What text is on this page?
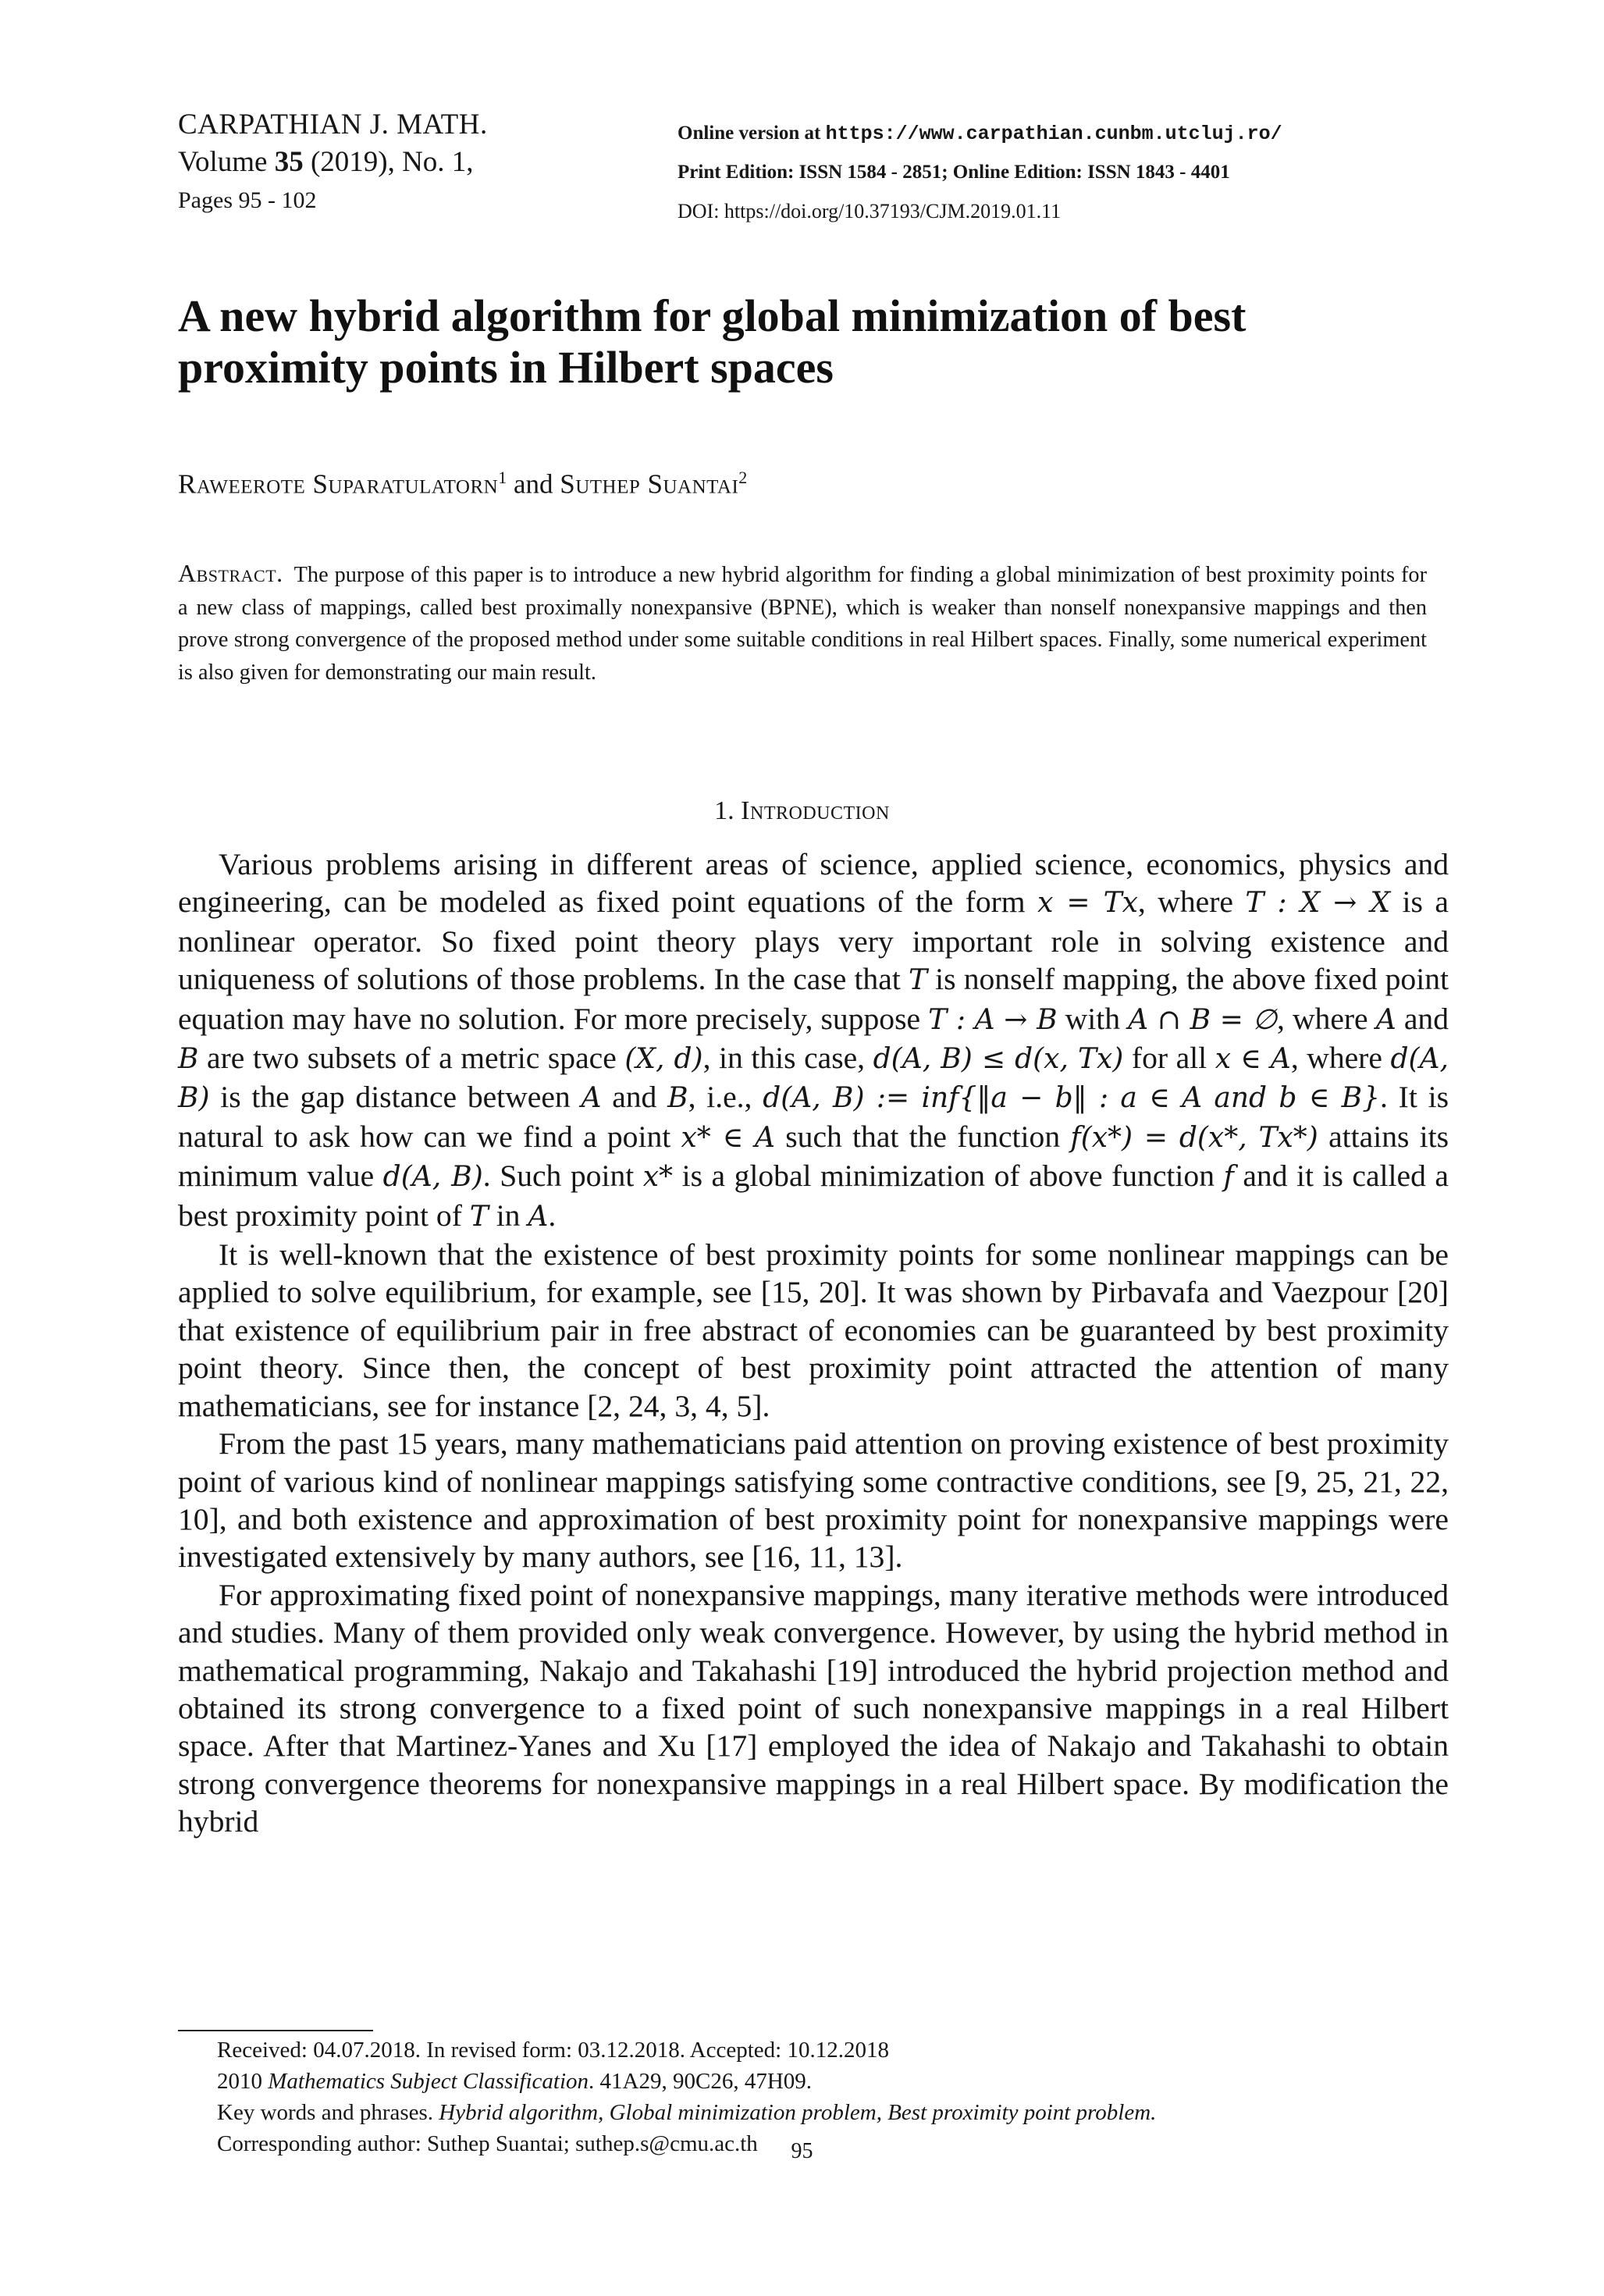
CARPATHIAN J. MATH.
Volume 35 (2019), No. 1,
Pages 95 - 102
Online version at https://www.carpathian.cunbm.utcluj.ro/
Print Edition: ISSN 1584 - 2851; Online Edition: ISSN 1843 - 4401
DOI: https://doi.org/10.37193/CJM.2019.01.11
A new hybrid algorithm for global minimization of best
proximity points in Hilbert spaces
Raweerote Suparatulatorn$^1$ and Suthep Suantai$^2$

Abstract. The purpose of this paper is to introduce a new hybrid algorithm for finding a global minimization of best proximity points for a new class of mappings, called best proximally nonexpansive (BPNE), which is weaker than nonself nonexpansive mappings and then prove strong convergence of the proposed method under some suitable conditions in real Hilbert spaces. Finally, some numerical experiment is also given for demonstrating our main result.

1. Introduction

Various problems arising in different areas of science, applied science, economics, physics and engineering, can be modeled as fixed point equations of the form x = Tx, where T : X → X is a nonlinear operator. So fixed point theory plays very important role in solving existence and uniqueness of solutions of those problems. In the case that T is nonself mapping, the above fixed point equation may have no solution. For more precisely, suppose T : A → B with A ∩ B = ∅, where A and B are two subsets of a metric space (X, d), in this case, d(A, B) ≤ d(x, Tx) for all x ∈ A, where d(A, B) is the gap distance between A and B, i.e., d(A, B) := inf{‖a − b‖ : a ∈ A and b ∈ B}. It is natural to ask how can we find a point x* ∈ A such that the function f(x*) = d(x*, Tx*) attains its minimum value d(A, B). Such point x* is a global minimization of above function f and it is called a best proximity point of T in A.

It is well-known that the existence of best proximity points for some nonlinear mappings can be applied to solve equilibrium, for example, see [15, 20]. It was shown by Pirbavafa and Vaezpour [20] that existence of equilibrium pair in free abstract of economies can be guaranteed by best proximity point theory. Since then, the concept of best proximity point attracted the attention of many mathematicians, see for instance [2, 24, 3, 4, 5].

From the past 15 years, many mathematicians paid attention on proving existence of best proximity point of various kind of nonlinear mappings satisfying some contractive conditions, see [9, 25, 21, 22, 10], and both existence and approximation of best proximity point for nonexpansive mappings were investigated extensively by many authors, see [16, 11, 13].

For approximating fixed point of nonexpansive mappings, many iterative methods were introduced and studies. Many of them provided only weak convergence. However, by using the hybrid method in mathematical programming, Nakajo and Takahashi [19] introduced the hybrid projection method and obtained its strong convergence to a fixed point of such nonexpansive mappings in a real Hilbert space. After that Martinez-Yanes and Xu [17] employed the idea of Nakajo and Takahashi to obtain strong convergence theorems for nonexpansive mappings in a real Hilbert space. By modification the hybrid

Received: 04.07.2018. In revised form: 03.12.2018. Accepted: 10.12.2018
2010 Mathematics Subject Classification. 41A29, 90C26, 47H09.
Key words and phrases. Hybrid algorithm, Global minimization problem, Best proximity point problem.
Corresponding author: Suthep Suantai; suthep.s@cmu.ac.th	95
